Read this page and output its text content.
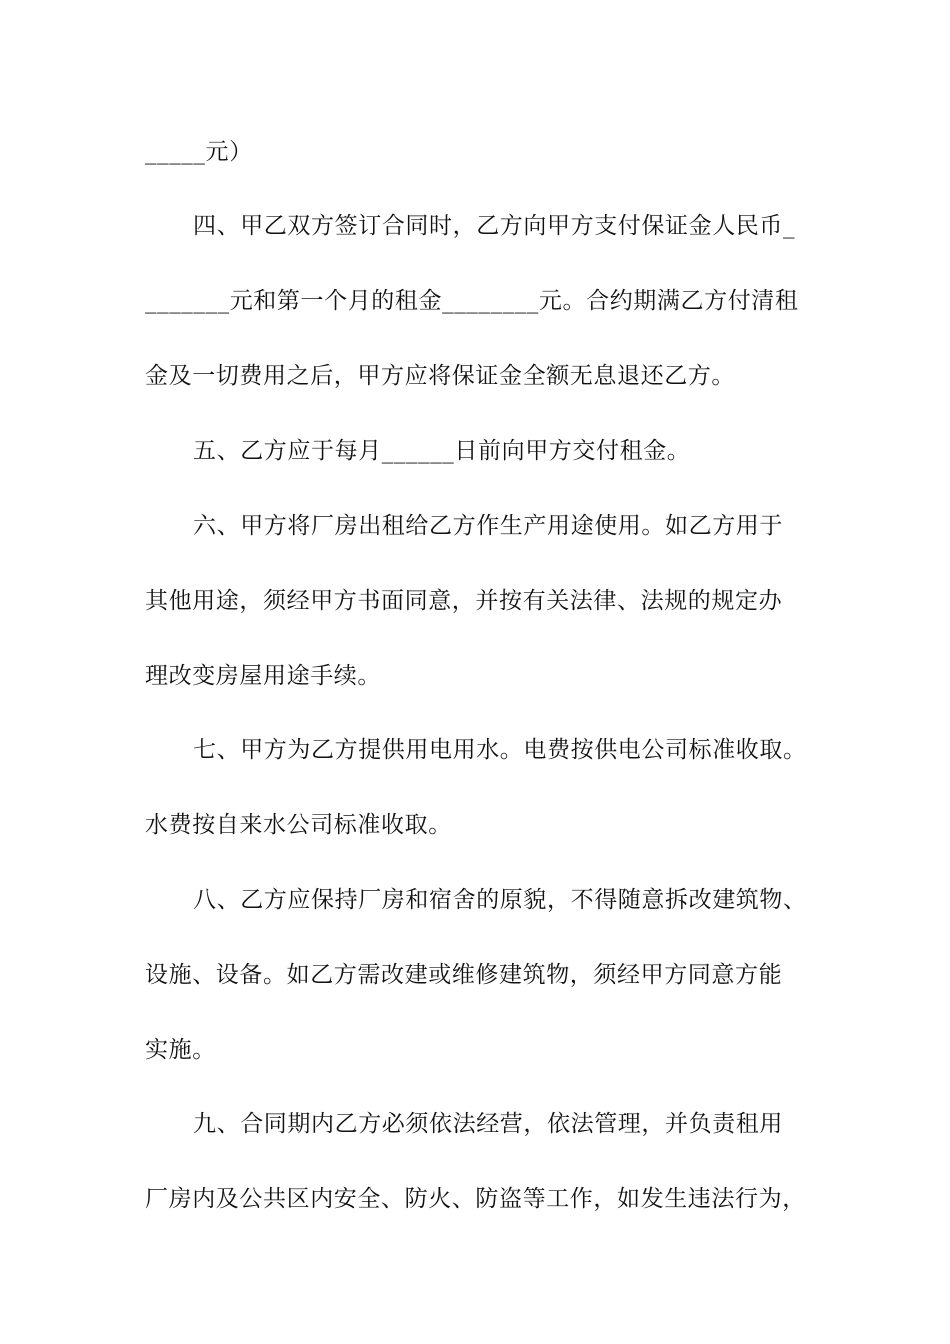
_____元）
四、甲乙双方签订合同时，乙方向甲方支付保证金人民币_
_______元和第一个月的租金________元。合约期满乙方付清租
金及一切费用之后，甲方应将保证金全额无息退还乙方。
五、乙方应于每月______日前向甲方交付租金。
六、甲方将厂房出租给乙方作生产用途使用。如乙方用于
其他用途，须经甲方书面同意，并按有关法律、法规的规定办
理改变房屋用途手续。
七、甲方为乙方提供用电用水。电费按供电公司标准收取。
水费按自来水公司标准收取。
八、乙方应保持厂房和宿舍的原貌，不得随意拆改建筑物、
设施、设备。如乙方需改建或维修建筑物，须经甲方同意方能
实施。
九、合同期内乙方必须依法经营，依法管理，并负责租用
厂房内及公共区内安全、防火、防盗等工作，如发生违法行为，
